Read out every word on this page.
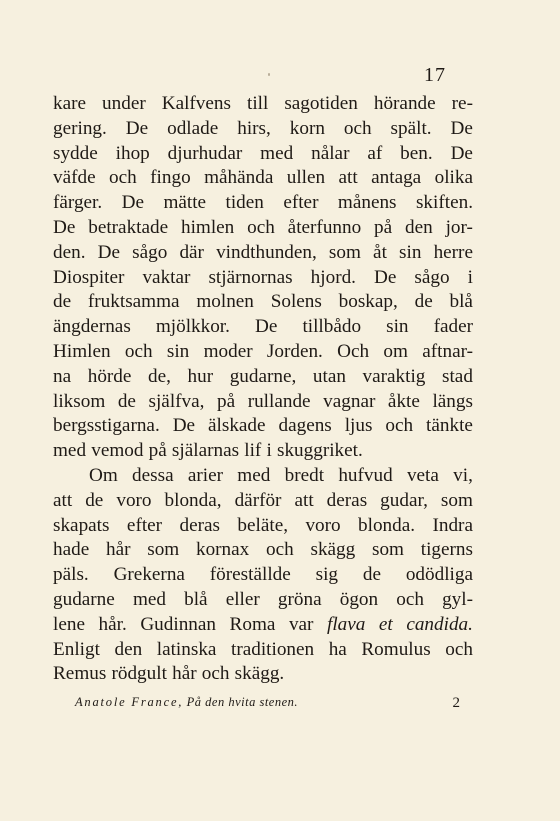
17
kare under Kalfvens till sagotiden hörande re-
gering. De odlade hirs, korn och spält. De
sydde ihop djurhudar med nålar af ben. De
väfde och fingo måhända ullen att antaga olika
färger. De mätte tiden efter månens skiften.
De betraktade himlen och återfunno på den jor-
den. De sågo där vindthunden, som åt sin herre
Diospiter vaktar stjärnornas hjord. De sågo i
de fruktsamma molnen Solens boskap, de blå
ängdernas mjölkkor. De tillbådo sin fader
Himlen och sin moder Jorden. Och om aftnar-
na hörde de, hur gudarne, utan varaktig stad
liksom de själfva, på rullande vagnar åkte längs
bergsstigarna. De älskade dagens ljus och tänkte
med vemod på själarnas lif i skuggriket.
Om dessa arier med bredt hufvud veta vi,
att de voro blonda, därför att deras gudar, som
skapats efter deras beläte, voro blonda. Indra
hade hår som kornax och skägg som tigerns
päls. Grekerna föreställde sig de odödliga
gudarne med blå eller gröna ögon och gyl-
lene hår. Gudinnan Roma var flava et candida.
Enligt den latinska traditionen ha Romulus och
Remus rödgult hår och skägg.
Anatole France, På den hvita stenen.	2
